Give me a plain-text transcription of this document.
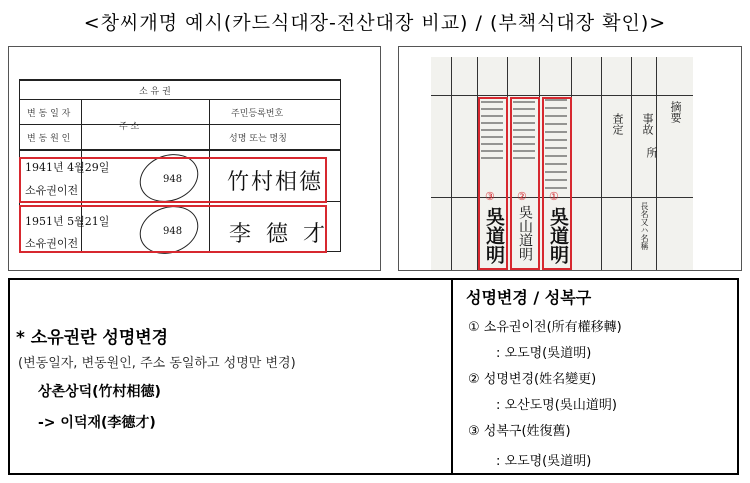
<창씨개명 예시(카드식대장-전산대장 비교) / (부책식대장 확인)>
소 유 권
변 동 일 자
변 동 원 인
주 소
주민등록번호
성명 또는 명칭
1941년 4월29일
소유권이전
948 竹村相德
1951년 5월21일
소유권이전
948 李 德 才
査定 事故
所
摘要
長名又ハ名稱
③ ② ①
吳道明 吳山道明 吳道明
* 소유권란 성명변경
(변동일자, 변동원인, 주소 동일하고 성명만 변경)
상촌상덕(竹村相德)
-> 이덕재(李德才)
성명변경 / 성복구
① 소유권이전(所有權移轉)
: 오도명(吳道明)
② 성명변경(姓名變更)
: 오산도명(吳山道明)
③ 성복구(姓復舊)
: 오도명(吳道明)
